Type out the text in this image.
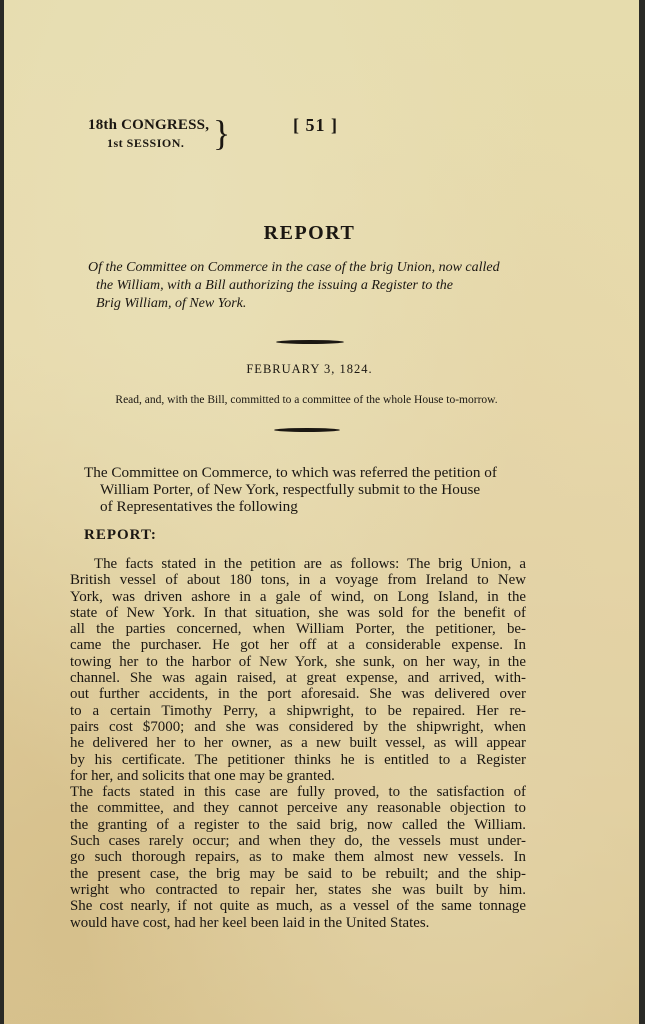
18th CONGRESS,
1st SESSION. }	[ 51 ]
REPORT
Of the Committee on Commerce in the case of the brig Union, now called
the William, with a Bill authorizing the issuing a Register to the
Brig William, of New York.
FEBRUARY 3, 1824.
Read, and, with the Bill, committed to a committee of the whole House to-morrow.
The Committee on Commerce, to which was referred the petition of
William Porter, of New York, respectfully submit to the House
of Representatives the following
REPORT:
The facts stated in the petition are as follows: The brig Union, a
British vessel of about 180 tons, in a voyage from Ireland to New
York, was driven ashore in a gale of wind, on Long Island, in the
state of New York. In that situation, she was sold for the benefit of
all the parties concerned, when William Porter, the petitioner, be-
came the purchaser. He got her off at a considerable expense. In
towing her to the harbor of New York, she sunk, on her way, in the
channel. She was again raised, at great expense, and arrived, with-
out further accidents, in the port aforesaid. She was delivered over
to a certain Timothy Perry, a shipwright, to be repaired. Her re-
pairs cost $7000; and she was considered by the shipwright, when
he delivered her to her owner, as a new built vessel, as will appear
by his certificate. The petitioner thinks he is entitled to a Register
for her, and solicits that one may be granted.
The facts stated in this case are fully proved, to the satisfaction of
the committee, and they cannot perceive any reasonable objection to
the granting of a register to the said brig, now called the William.
Such cases rarely occur; and when they do, the vessels must under-
go such thorough repairs, as to make them almost new vessels. In
the present case, the brig may be said to be rebuilt; and the ship-
wright who contracted to repair her, states she was built by him.
She cost nearly, if not quite as much, as a vessel of the same tonnage
would have cost, had her keel been laid in the United States.
